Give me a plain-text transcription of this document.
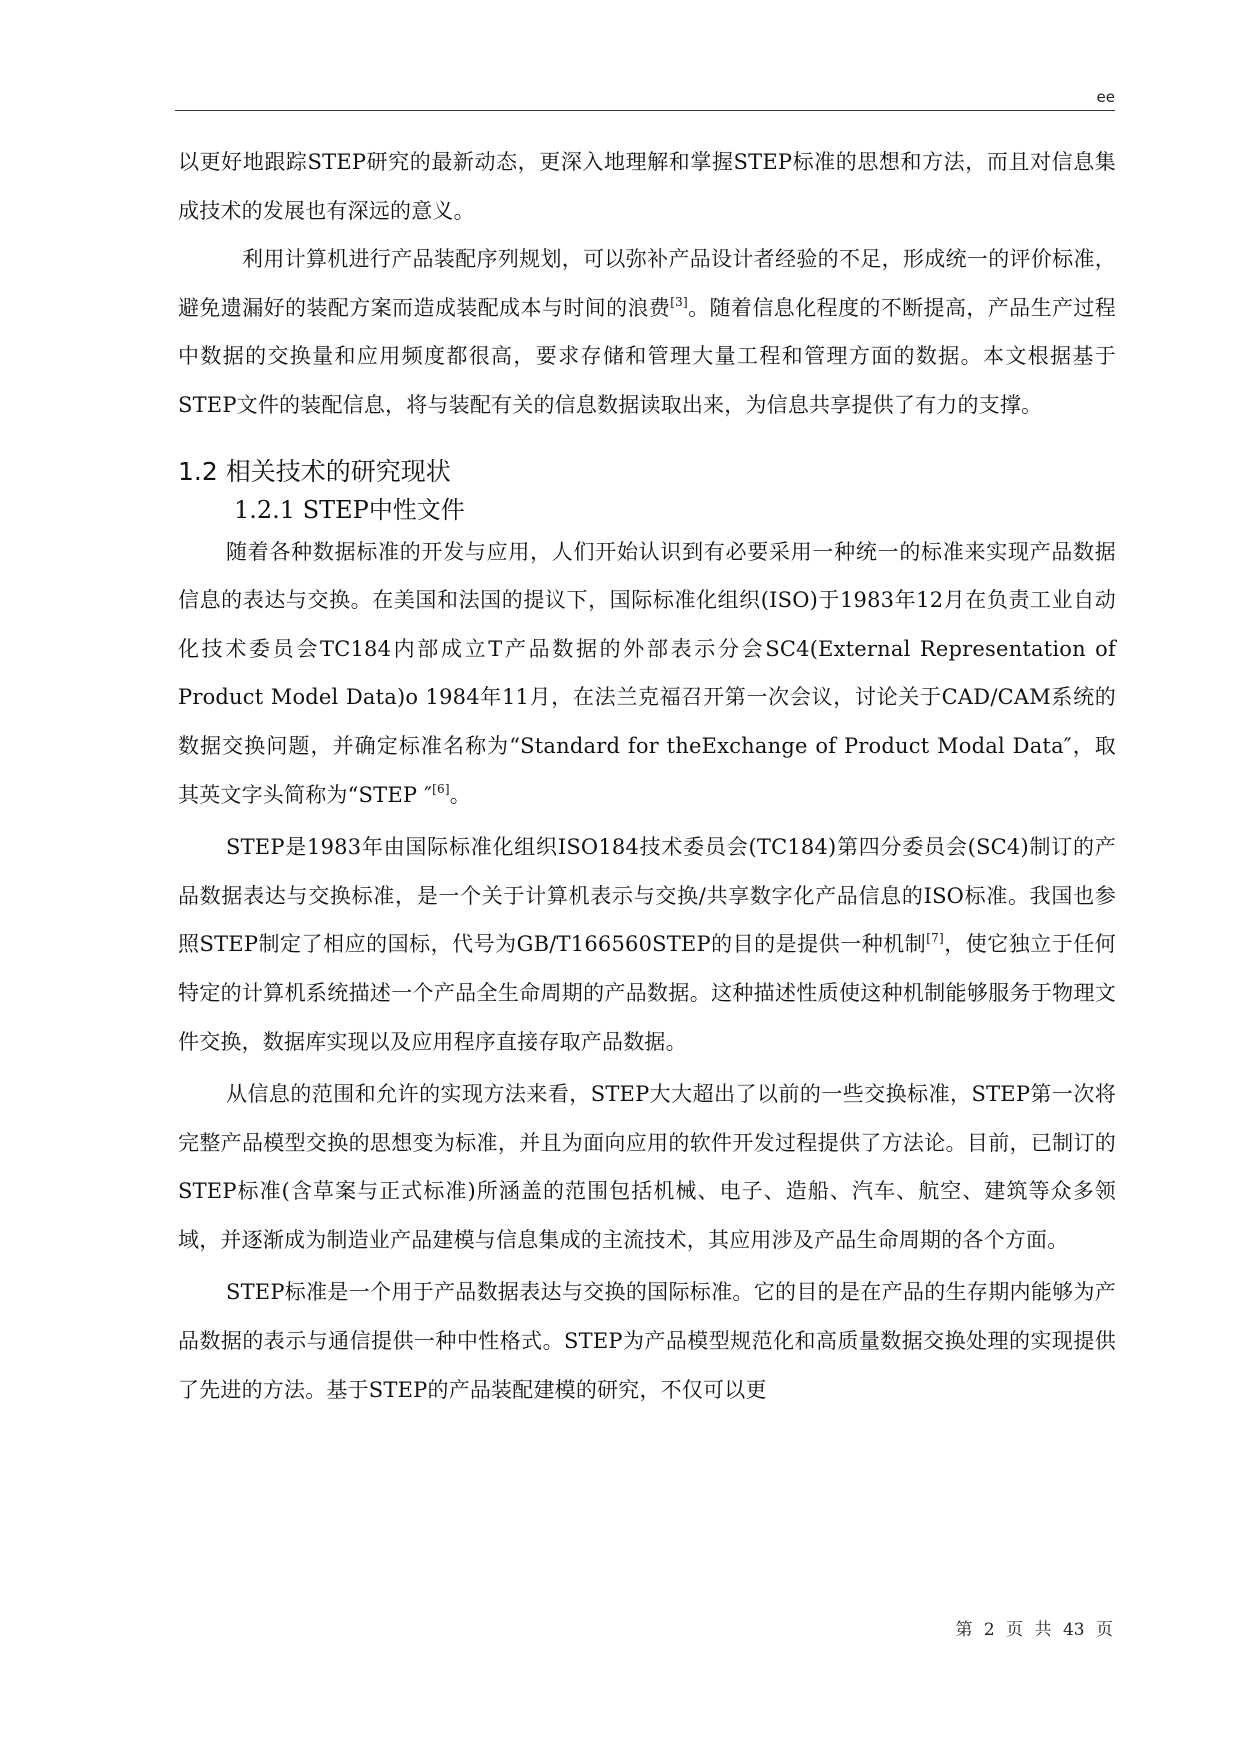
ee

以更好地跟踪STEP研究的最新动态，更深入地理解和掌握STEP标准的思想和方法，而且对信息集成技术的发展也有深远的意义。

利用计算机进行产品装配序列规划，可以弥补产品设计者经验的不足，形成统一的评价标准，避免遗漏好的装配方案而造成装配成本与时间的浪费[3]。随着信息化程度的不断提高，产品生产过程中数据的交换量和应用频度都很高，要求存储和管理大量工程和管理方面的数据。本文根据基于STEP文件的装配信息，将与装配有关的信息数据读取出来，为信息共享提供了有力的支撑。

1.2 相关技术的研究现状
1.2.1 STEP中性文件

随着各种数据标准的开发与应用，人们开始认识到有必要采用一种统一的标准来实现产品数据信息的表达与交换。在美国和法国的提议下，国际标准化组织(ISO)于1983年12月在负责工业自动化技术委员会TC184内部成立T产品数据的外部表示分会SC4(External Representation of Product Model Data)o 1984年11月，在法兰克福召开第一次会议，讨论关于CAD/CAM系统的数据交换问题，并确定标准名称为“Standard for theExchange of Product Modal Data″，取其英文字头简称为“STEP ″[6]。

STEP是1983年由国际标准化组织ISO184技术委员会(TC184)第四分委员会(SC4)制订的产品数据表达与交换标准，是一个关于计算机表示与交换/共享数字化产品信息的ISO标准。我国也参照STEP制定了相应的国标，代号为GB/T166560STEP的目的是提供一种机制[7]，使它独立于任何特定的计算机系统描述一个产品全生命周期的产品数据。这种描述性质使这种机制能够服务于物理文件交换，数据库实现以及应用程序直接存取产品数据。

从信息的范围和允许的实现方法来看，STEP大大超出了以前的一些交换标准，STEP第一次将完整产品模型交换的思想变为标准，并且为面向应用的软件开发过程提供了方法论。目前，已制订的STEP标准(含草案与正式标准)所涵盖的范围包括机械、电子、造船、汽车、航空、建筑等众多领域，并逐渐成为制造业产品建模与信息集成的主流技术，其应用涉及产品生命周期的各个方面。

STEP标准是一个用于产品数据表达与交换的国际标准。它的目的是在产品的生存期内能够为产品数据的表示与通信提供一种中性格式。STEP为产品模型规范化和高质量数据交换处理的实现提供了先进的方法。基于STEP的产品装配建模的研究，不仅可以更

第 2 页 共 43 页
